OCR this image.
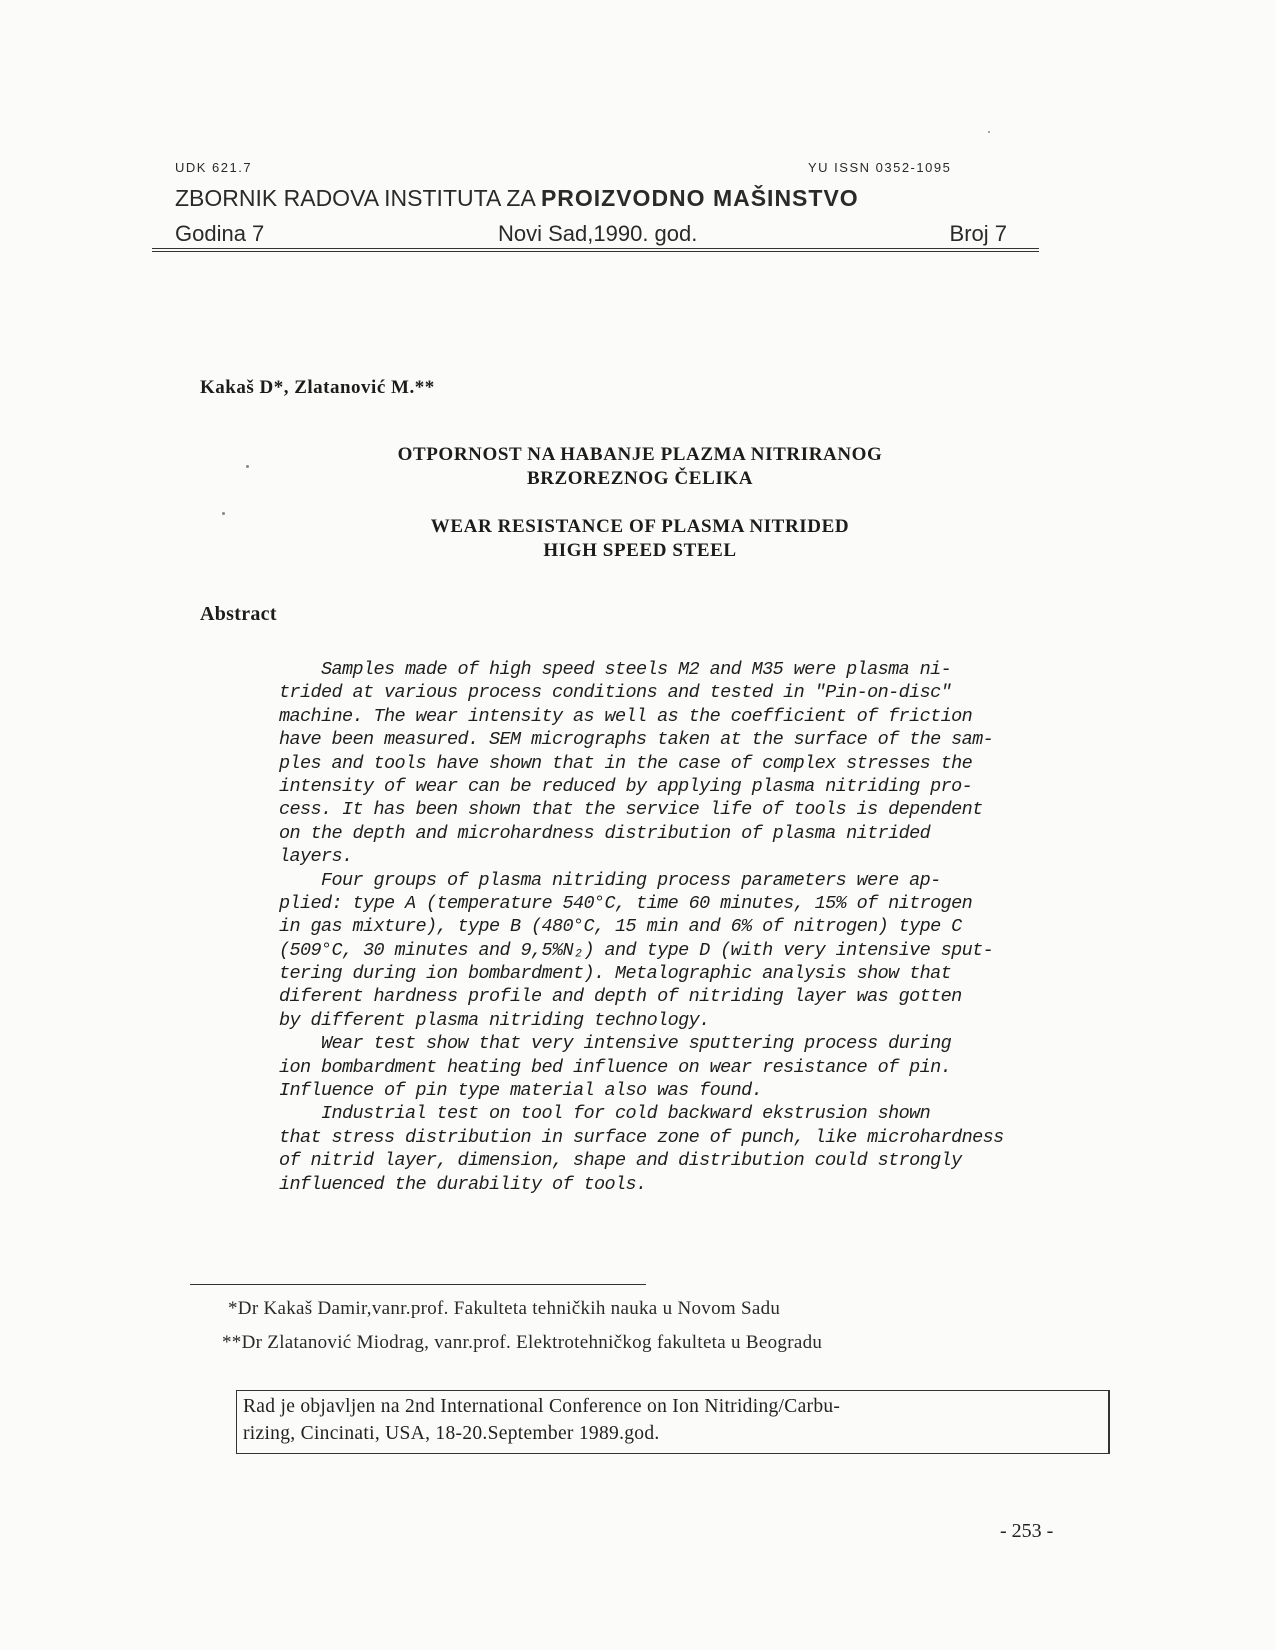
UDK 621.7	YU ISSN 0352-1095
ZBORNIK RADOVA INSTITUTA ZA PROIZVODNO MAŠINSTVO
Godina 7	Novi Sad,1990. god.	Broj 7
Kakaš D*, Zlatanović M.**
OTPORNOST NA HABANJE PLAZMA NITRIRANOG
BRZOREZNOG ČELIKA
WEAR RESISTANCE OF PLASMA NITRIDED
HIGH SPEED STEEL
Abstract
Samples made of high speed steels M2 and M35 were plasma ni-
trided at various process conditions and tested in "Pin-on-disc"
machine. The wear intensity as well as the coefficient of friction
have been measured. SEM micrographs taken at the surface of the sam-
ples and tools have shown that in the case of complex stresses the
intensity of wear can be reduced by applying plasma nitriding pro-
cess. It has been shown that the service life of tools is dependent
on the depth and microhardness distribution of plasma nitrided
layers.
Four groups of plasma nitriding process parameters were ap-
plied: type A (temperature 540°C, time 60 minutes, 15% of nitrogen
in gas mixture), type B (480°C, 15 min and 6% of nitrogen) type C
(509°C, 30 minutes and 9,5%N₂) and type D (with very intensive sput-
tering during ion bombardment). Metalographic analysis show that
diferent hardness profile and depth of nitriding layer was gotten
by different plasma nitriding technology.
Wear test show that very intensive sputtering process during
ion bombardment heating bed influence on wear resistance of pin.
Influence of pin type material also was found.
Industrial test on tool for cold backward ekstrusion shown
that stress distribution in surface zone of punch, like microhardness
of nitrid layer, dimension, shape and distribution could strongly
influenced the durability of tools.
*Dr Kakaš Damir,vanr.prof. Fakulteta tehničkih nauka u Novom Sadu
**Dr Zlatanović Miodrag, vanr.prof. Elektrotehničkog fakulteta u Beogradu
Rad je objavljen na 2nd International Conference on Ion Nitriding/Carbu-
rizing, Cincinati, USA, 18-20.September 1989.god.
- 253 -
